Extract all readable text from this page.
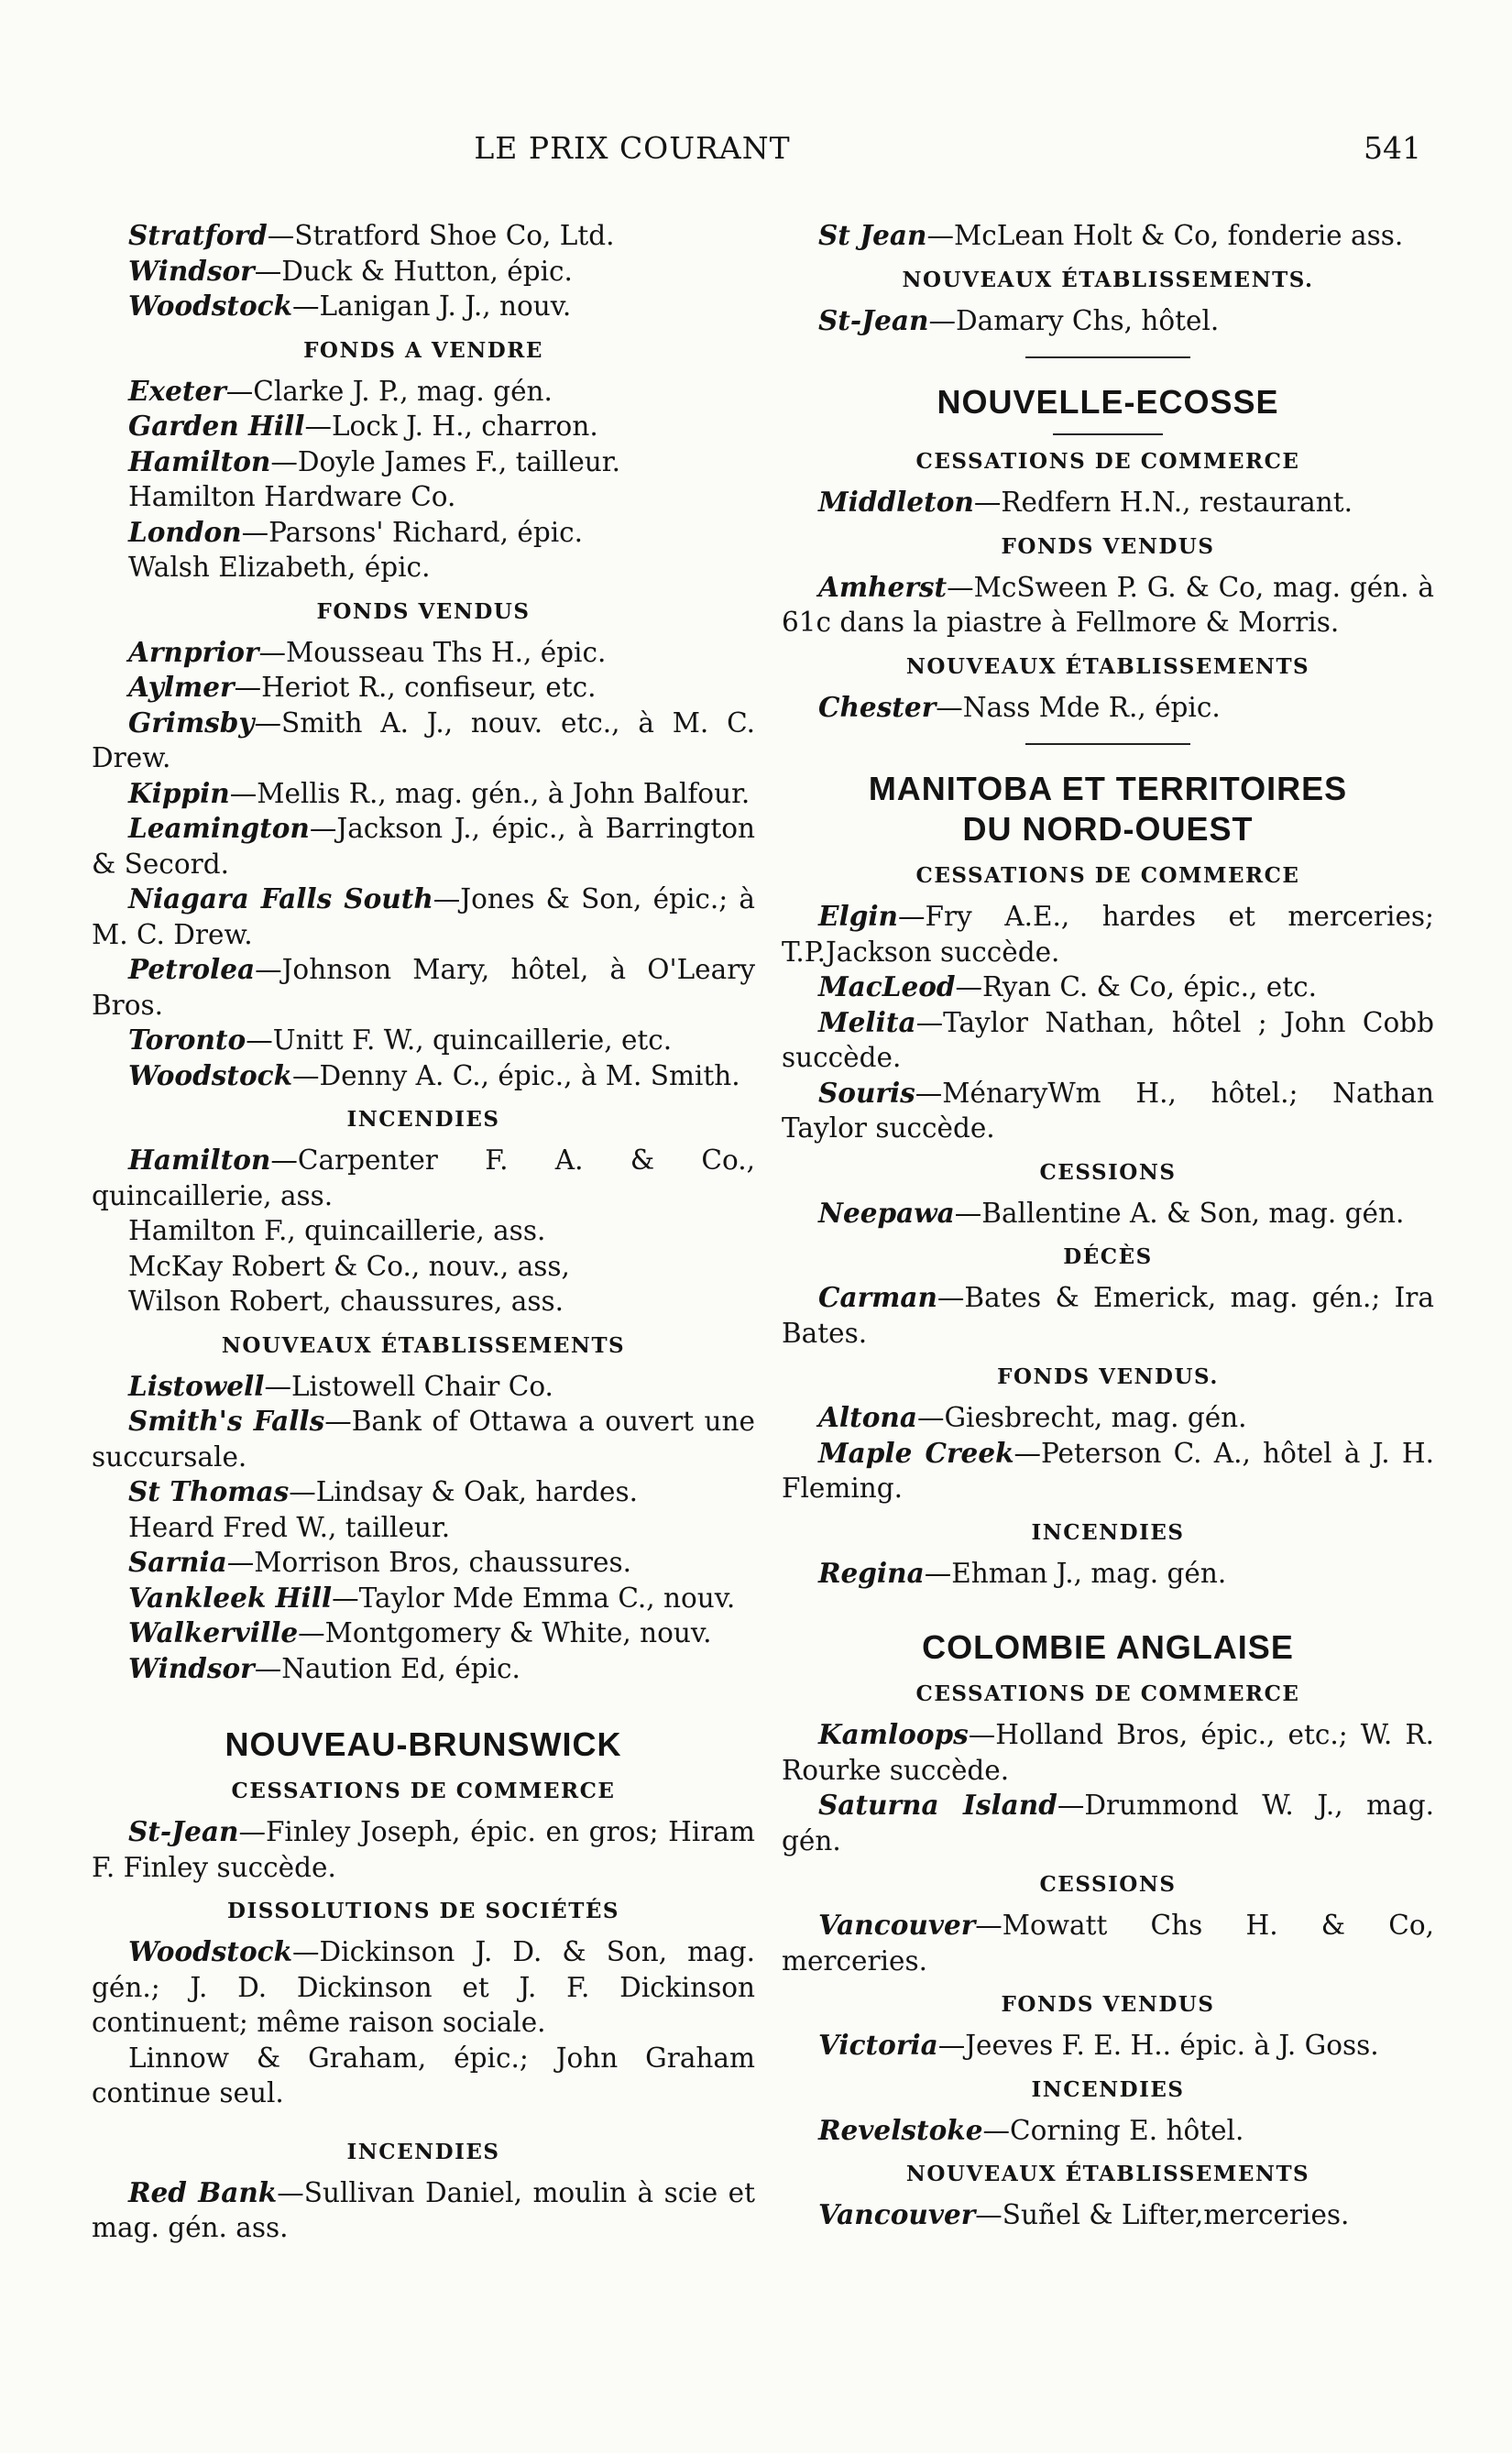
LE PRIX COURANT	541

Stratford—Stratford Shoe Co, Ltd.

Windsor—Duck & Hutton, épic.

Woodstock—Lanigan J. J., nouv.

FONDS A VENDRE

Exeter—Clarke J. P., mag. gén.

Garden Hill—Lock J. H., charron.

Hamilton—Doyle James F., tailleur.

Hamilton Hardware Co.

London—Parsons' Richard, épic.

Walsh Elizabeth, épic.

FONDS VENDUS

Arnprior—Mousseau Ths H., épic.

Aylmer—Heriot R., confiseur, etc.

Grimsby—Smith A. J., nouv. etc., à M. C. Drew.

Kippin—Mellis R., mag. gén., à John Balfour.

Leamington—Jackson J., épic., à Barrington & Secord.

Niagara Falls South—Jones & Son, épic.; à M. C. Drew.

Petrolea—Johnson Mary, hôtel, à O'Leary Bros.

Toronto—Unitt F. W., quincaillerie, etc.

Woodstock—Denny A. C., épic., à M. Smith.

INCENDIES

Hamilton—Carpenter F. A. & Co., quincaillerie, ass.

Hamilton F., quincaillerie, ass.

McKay Robert & Co., nouv., ass,

Wilson Robert, chaussures, ass.

NOUVEAUX ÉTABLISSEMENTS

Listowell—Listowell Chair Co.

Smith's Falls—Bank of Ottawa a ouvert une succursale.

St Thomas—Lindsay & Oak, hardes.

Heard Fred W., tailleur.

Sarnia—Morrison Bros, chaussures.

Vankleek Hill—Taylor Mde Emma C., nouv.

Walkerville—Montgomery & White, nouv.

Windsor—Naution Ed, épic.

NOUVEAU-BRUNSWICK
CESSATIONS DE COMMERCE

St-Jean—Finley Joseph, épic. en gros; Hiram F. Finley succède.

DISSOLUTIONS DE SOCIÉTÉS

Woodstock—Dickinson J. D. & Son, mag. gén.; J. D. Dickinson et J. F. Dickinson continuent; même raison sociale.

Linnow & Graham, épic.; John Graham continue seul.

INCENDIES

Red Bank—Sullivan Daniel, moulin à scie et mag. gén. ass.

St Jean—McLean Holt & Co, fonderie ass.

NOUVEAUX ÉTABLISSEMENTS.

St-Jean—Damary Chs, hôtel.

NOUVELLE-ECOSSE
CESSATIONS DE COMMERCE

Middleton—Redfern H.N., restaurant.

FONDS VENDUS

Amherst—McSween P. G. & Co, mag. gén. à 61c dans la piastre à Fellmore & Morris.

NOUVEAUX ÉTABLISSEMENTS

Chester—Nass Mde R., épic.

MANITOBA ET TERRITOIRES
DU NORD-OUEST
CESSATIONS DE COMMERCE

Elgin—Fry A.E., hardes et merceries; T.P.Jackson succède.

MacLeod—Ryan C. & Co, épic., etc.

Melita—Taylor Nathan, hôtel ; John Cobb succède.

Souris—MénaryWm H., hôtel.; Nathan Taylor succède.

CESSIONS

Neepawa—Ballentine A. & Son, mag. gén.

DÉCÈS

Carman—Bates & Emerick, mag. gén.; Ira Bates.

FONDS VENDUS.

Altona—Giesbrecht, mag. gén.

Maple Creek—Peterson C. A., hôtel à J. H. Fleming.

INCENDIES

Regina—Ehman J., mag. gén.

COLOMBIE ANGLAISE
CESSATIONS DE COMMERCE

Kamloops—Holland Bros, épic., etc.; W. R. Rourke succède.

Saturna Island—Drummond W. J., mag. gén.

CESSIONS

Vancouver—Mowatt Chs H. & Co, merceries.

FONDS VENDUS

Victoria—Jeeves F. E. H.. épic. à J. Goss.

INCENDIES

Revelstoke—Corning E. hôtel.

NOUVEAUX ÉTABLISSEMENTS

Vancouver—Suñel & Lifter,merceries.
